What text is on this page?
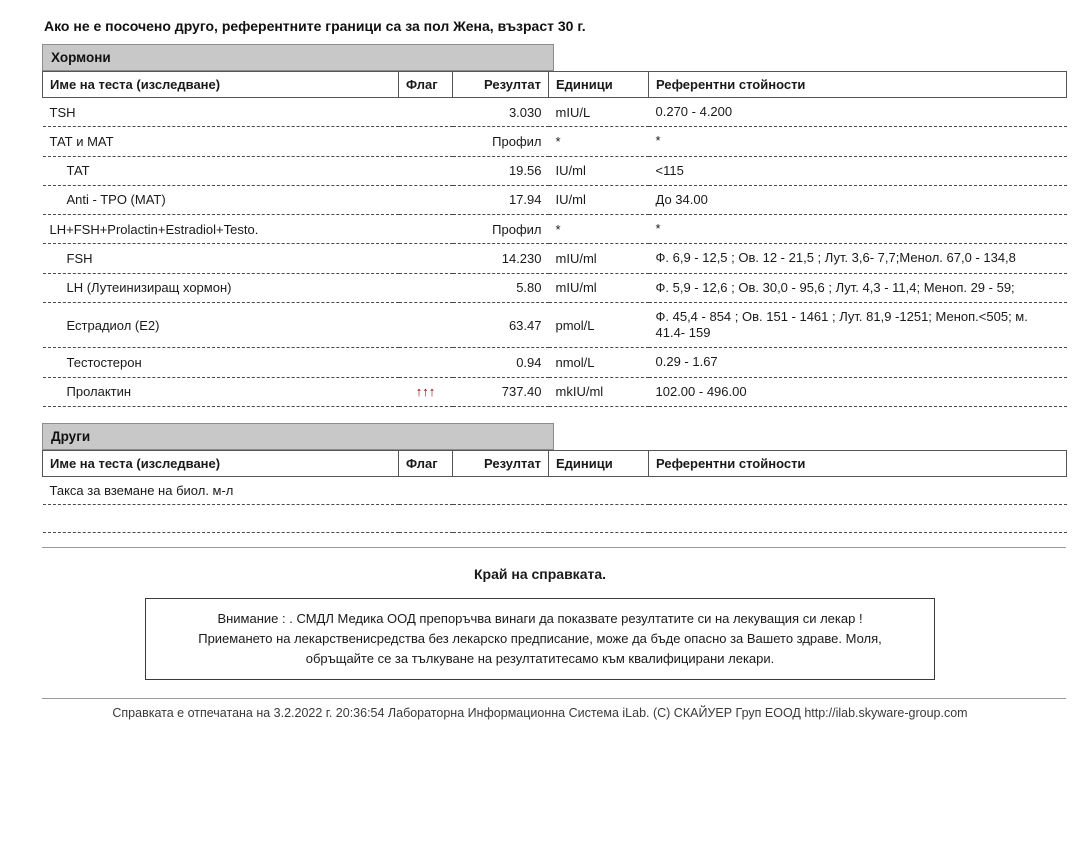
Ако не е посочено друго, референтните граници са за пол Жена, възраст 30 г.
Хормони
Име на теста (изследване)	Флаг	Резултат	Единици	Референтни стойности
TSH		3.030	mIU/L	0.270 - 4.200
ТАТ и МАТ		Профил	*	*
ТАТ		19.56	IU/ml	<115
Anti - TPO (MAT)		17.94	IU/ml	До 34.00
LH+FSH+Prolactin+Estradiol+Testo.		Профил	*	*
FSH		14.230	mIU/ml	Ф. 6,9 - 12,5 ; Ов. 12 - 21,5 ; Лут. 3,6- 7,7;Менол. 67,0 - 134,8
LH (Лутеинизиращ хормон)		5.80	mIU/ml	Ф. 5,9 - 12,6 ; Ов. 30,0 - 95,6 ; Лут. 4,3 - 11,4; Меноп. 29 - 59;
Естрадиол (Е2)		63.47	pmol/L	Ф. 45,4 - 854 ; Ов. 151 - 1461 ; Лут. 81,9 -1251; Меноп.<505; м. 41.4- 159
Тестостерон		0.94	nmol/L	0.29 - 1.67
Пролактин	↑↑↑	737.40	mkIU/ml	102.00 - 496.00
Други
Име на теста (изследване)	Флаг	Резултат	Единици	Референтни стойности
Такса за вземане на биол. м-л				

Край на справката.
Внимание : . СМДЛ Медика ООД препоръчва винаги да показвате резултатите си на лекуващия си лекар !
Приемането на лекарственисредства без лекарско предписание, може да бъде опасно за Вашето здраве. Моля,
обръщайте се за тълкуване на резултатитесамо към квалифицирани лекари.
Справката е отпечатана на 3.2.2022 г. 20:36:54 Лабораторна Информационна Система iLab. (C) СКАЙУЕР Груп ЕООД http://ilab.skyware-group.com
